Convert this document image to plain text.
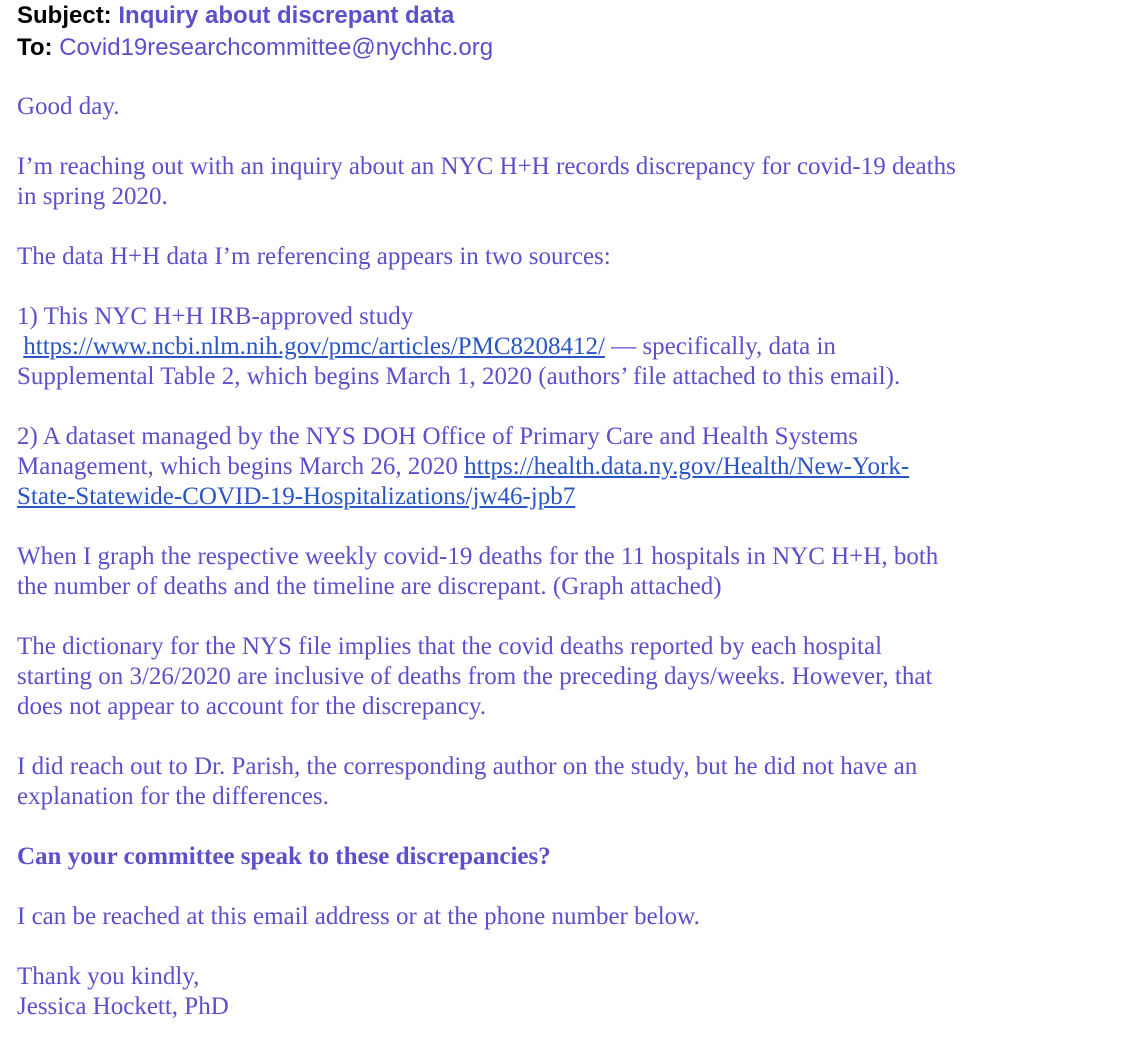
Subject: Inquiry about discrepant data
To: Covid19researchcommittee@nychhc.org
Good day.
I’m reaching out with an inquiry about an NYC H+H records discrepancy for covid-19 deaths
in spring 2020.
The data H+H data I’m referencing appears in two sources:
1) This NYC H+H IRB-approved study
https://www.ncbi.nlm.nih.gov/pmc/articles/PMC8208412/ — specifically, data in
Supplemental Table 2, which begins March 1, 2020 (authors’ file attached to this email).
2) A dataset managed by the NYS DOH Office of Primary Care and Health Systems
Management, which begins March 26, 2020 https://health.data.ny.gov/Health/New-York-
State-Statewide-COVID-19-Hospitalizations/jw46-jpb7
When I graph the respective weekly covid-19 deaths for the 11 hospitals in NYC H+H, both
the number of deaths and the timeline are discrepant. (Graph attached)
The dictionary for the NYS file implies that the covid deaths reported by each hospital
starting on 3/26/2020 are inclusive of deaths from the preceding days/weeks. However, that
does not appear to account for the discrepancy.
I did reach out to Dr. Parish, the corresponding author on the study, but he did not have an
explanation for the differences.
Can your committee speak to these discrepancies?
I can be reached at this email address or at the phone number below.
Thank you kindly,
Jessica Hockett, PhD
